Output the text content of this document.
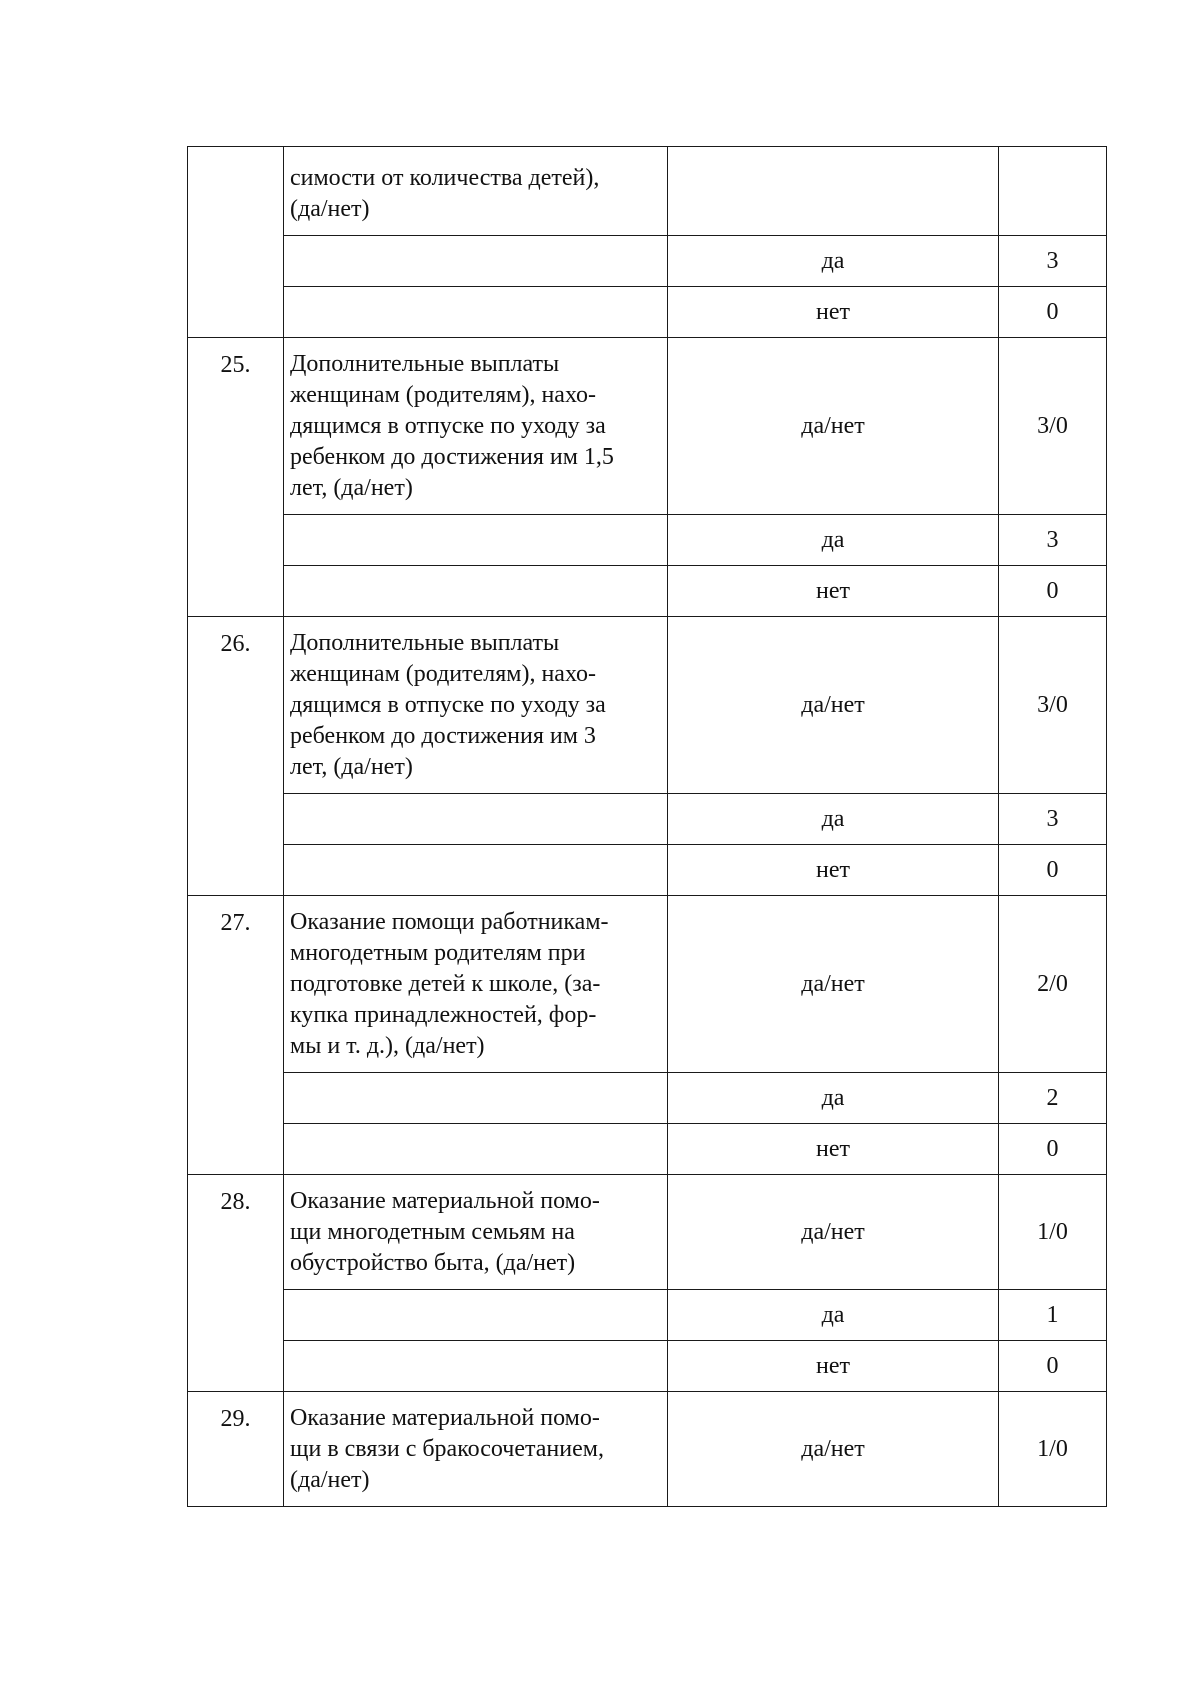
	симости от количества детей),
(да/нет)		

		да	3
		нет	0
25.	Дополнительные выплаты
женщинам (родителям), нахо-
дящимся в отпуске по уходу за
ребенком до достижения им 1,5
лет, (да/нет)	да/нет	3/0
		да	3
		нет	0
26.	Дополнительные выплаты
женщинам (родителям), нахо-
дящимся в отпуске по уходу за
ребенком до достижения им 3
лет, (да/нет)	да/нет	3/0
		да	3
		нет	0
27.	Оказание помощи работникам-
многодетным родителям при
подготовке детей к школе, (за-
купка принадлежностей, фор-
мы и т. д.), (да/нет)	да/нет	2/0
		да	2
		нет	0
28.	Оказание материальной помо-
щи многодетным семьям на
обустройство быта, (да/нет)	да/нет	1/0
		да	1
		нет	0
29.	Оказание материальной помо-
щи в связи с бракосочетанием,
(да/нет)	да/нет	1/0
